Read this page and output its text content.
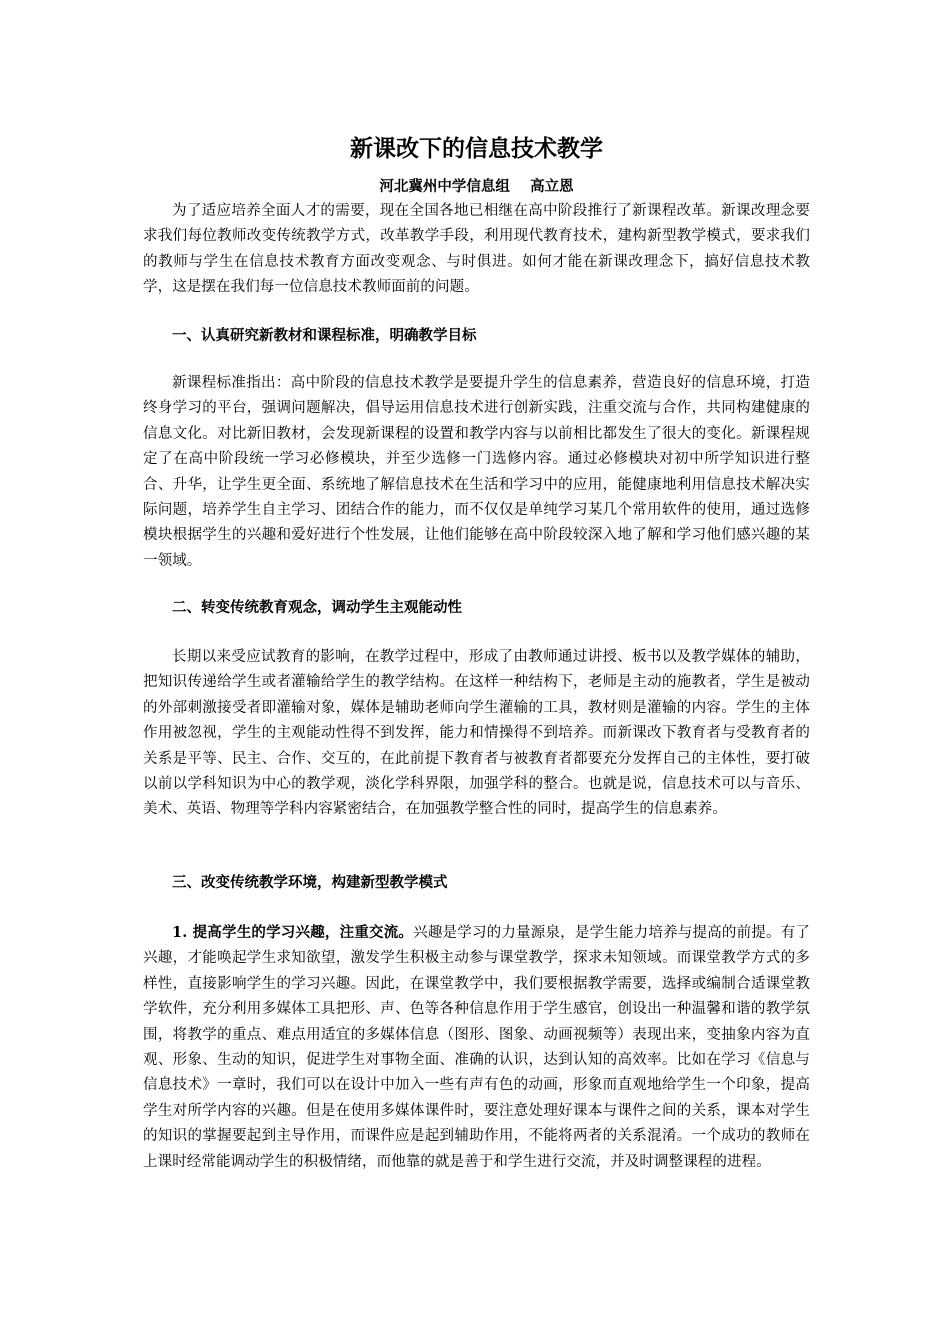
新课改下的信息技术教学

河北冀州中学信息组    高立恩

为了适应培养全面人才的需要，现在全国各地已相继在高中阶段推行了新课程改革。新课改理念要求我们每位教师改变传统教学方式，改革教学手段，利用现代教育技术，建构新型教学模式，要求我们的教师与学生在信息技术教育方面改变观念、与时俱进。如何才能在新课改理念下，搞好信息技术教学，这是摆在我们每一位信息技术教师面前的问题。

一、认真研究新教材和课程标准，明确教学目标

新课程标准指出：高中阶段的信息技术教学是要提升学生的信息素养，营造良好的信息环境，打造终身学习的平台，强调问题解决，倡导运用信息技术进行创新实践，注重交流与合作，共同构建健康的信息文化。对比新旧教材，会发现新课程的设置和教学内容与以前相比都发生了很大的变化。新课程规定了在高中阶段统一学习必修模块，并至少选修一门选修内容。通过必修模块对初中所学知识进行整合、升华，让学生更全面、系统地了解信息技术在生活和学习中的应用，能健康地利用信息技术解决实际问题，培养学生自主学习、团结合作的能力，而不仅仅是单纯学习某几个常用软件的使用，通过选修模块根据学生的兴趣和爱好进行个性发展，让他们能够在高中阶段较深入地了解和学习他们感兴趣的某一领域。

二、转变传统教育观念，调动学生主观能动性

长期以来受应试教育的影响，在教学过程中，形成了由教师通过讲授、板书以及教学媒体的辅助，把知识传递给学生或者灌输给学生的教学结构。在这样一种结构下，老师是主动的施教者，学生是被动的外部刺激接受者即灌输对象，媒体是辅助老师向学生灌输的工具，教材则是灌输的内容。学生的主体作用被忽视，学生的主观能动性得不到发挥，能力和情操得不到培养。而新课改下教育者与受教育者的关系是平等、民主、合作、交互的，在此前提下教育者与被教育者都要充分发挥自己的主体性，要打破以前以学科知识为中心的教学观，淡化学科界限，加强学科的整合。也就是说，信息技术可以与音乐、美术、英语、物理等学科内容紧密结合，在加强教学整合性的同时，提高学生的信息素养。

三、改变传统教学环境，构建新型教学模式

1. 提高学生的学习兴趣，注重交流。兴趣是学习的力量源泉，是学生能力培养与提高的前提。有了兴趣，才能唤起学生求知欲望，激发学生积极主动参与课堂教学，探求未知领域。而课堂教学方式的多样性，直接影响学生的学习兴趣。因此，在课堂教学中，我们要根据教学需要，选择或编制合适课堂教学软件，充分利用多媒体工具把形、声、色等各种信息作用于学生感官，创设出一种温馨和谐的教学氛围，将教学的重点、难点用适宜的多媒体信息（图形、图象、动画视频等）表现出来，变抽象内容为直观、形象、生动的知识，促进学生对事物全面、准确的认识，达到认知的高效率。比如在学习《信息与信息技术》一章时，我们可以在设计中加入一些有声有色的动画，形象而直观地给学生一个印象，提高学生对所学内容的兴趣。但是在使用多媒体课件时，要注意处理好课本与课件之间的关系，课本对学生的知识的掌握要起到主导作用，而课件应是起到辅助作用，不能将两者的关系混淆。一个成功的教师在上课时经常能调动学生的积极情绪，而他靠的就是善于和学生进行交流，并及时调整课程的进程。
